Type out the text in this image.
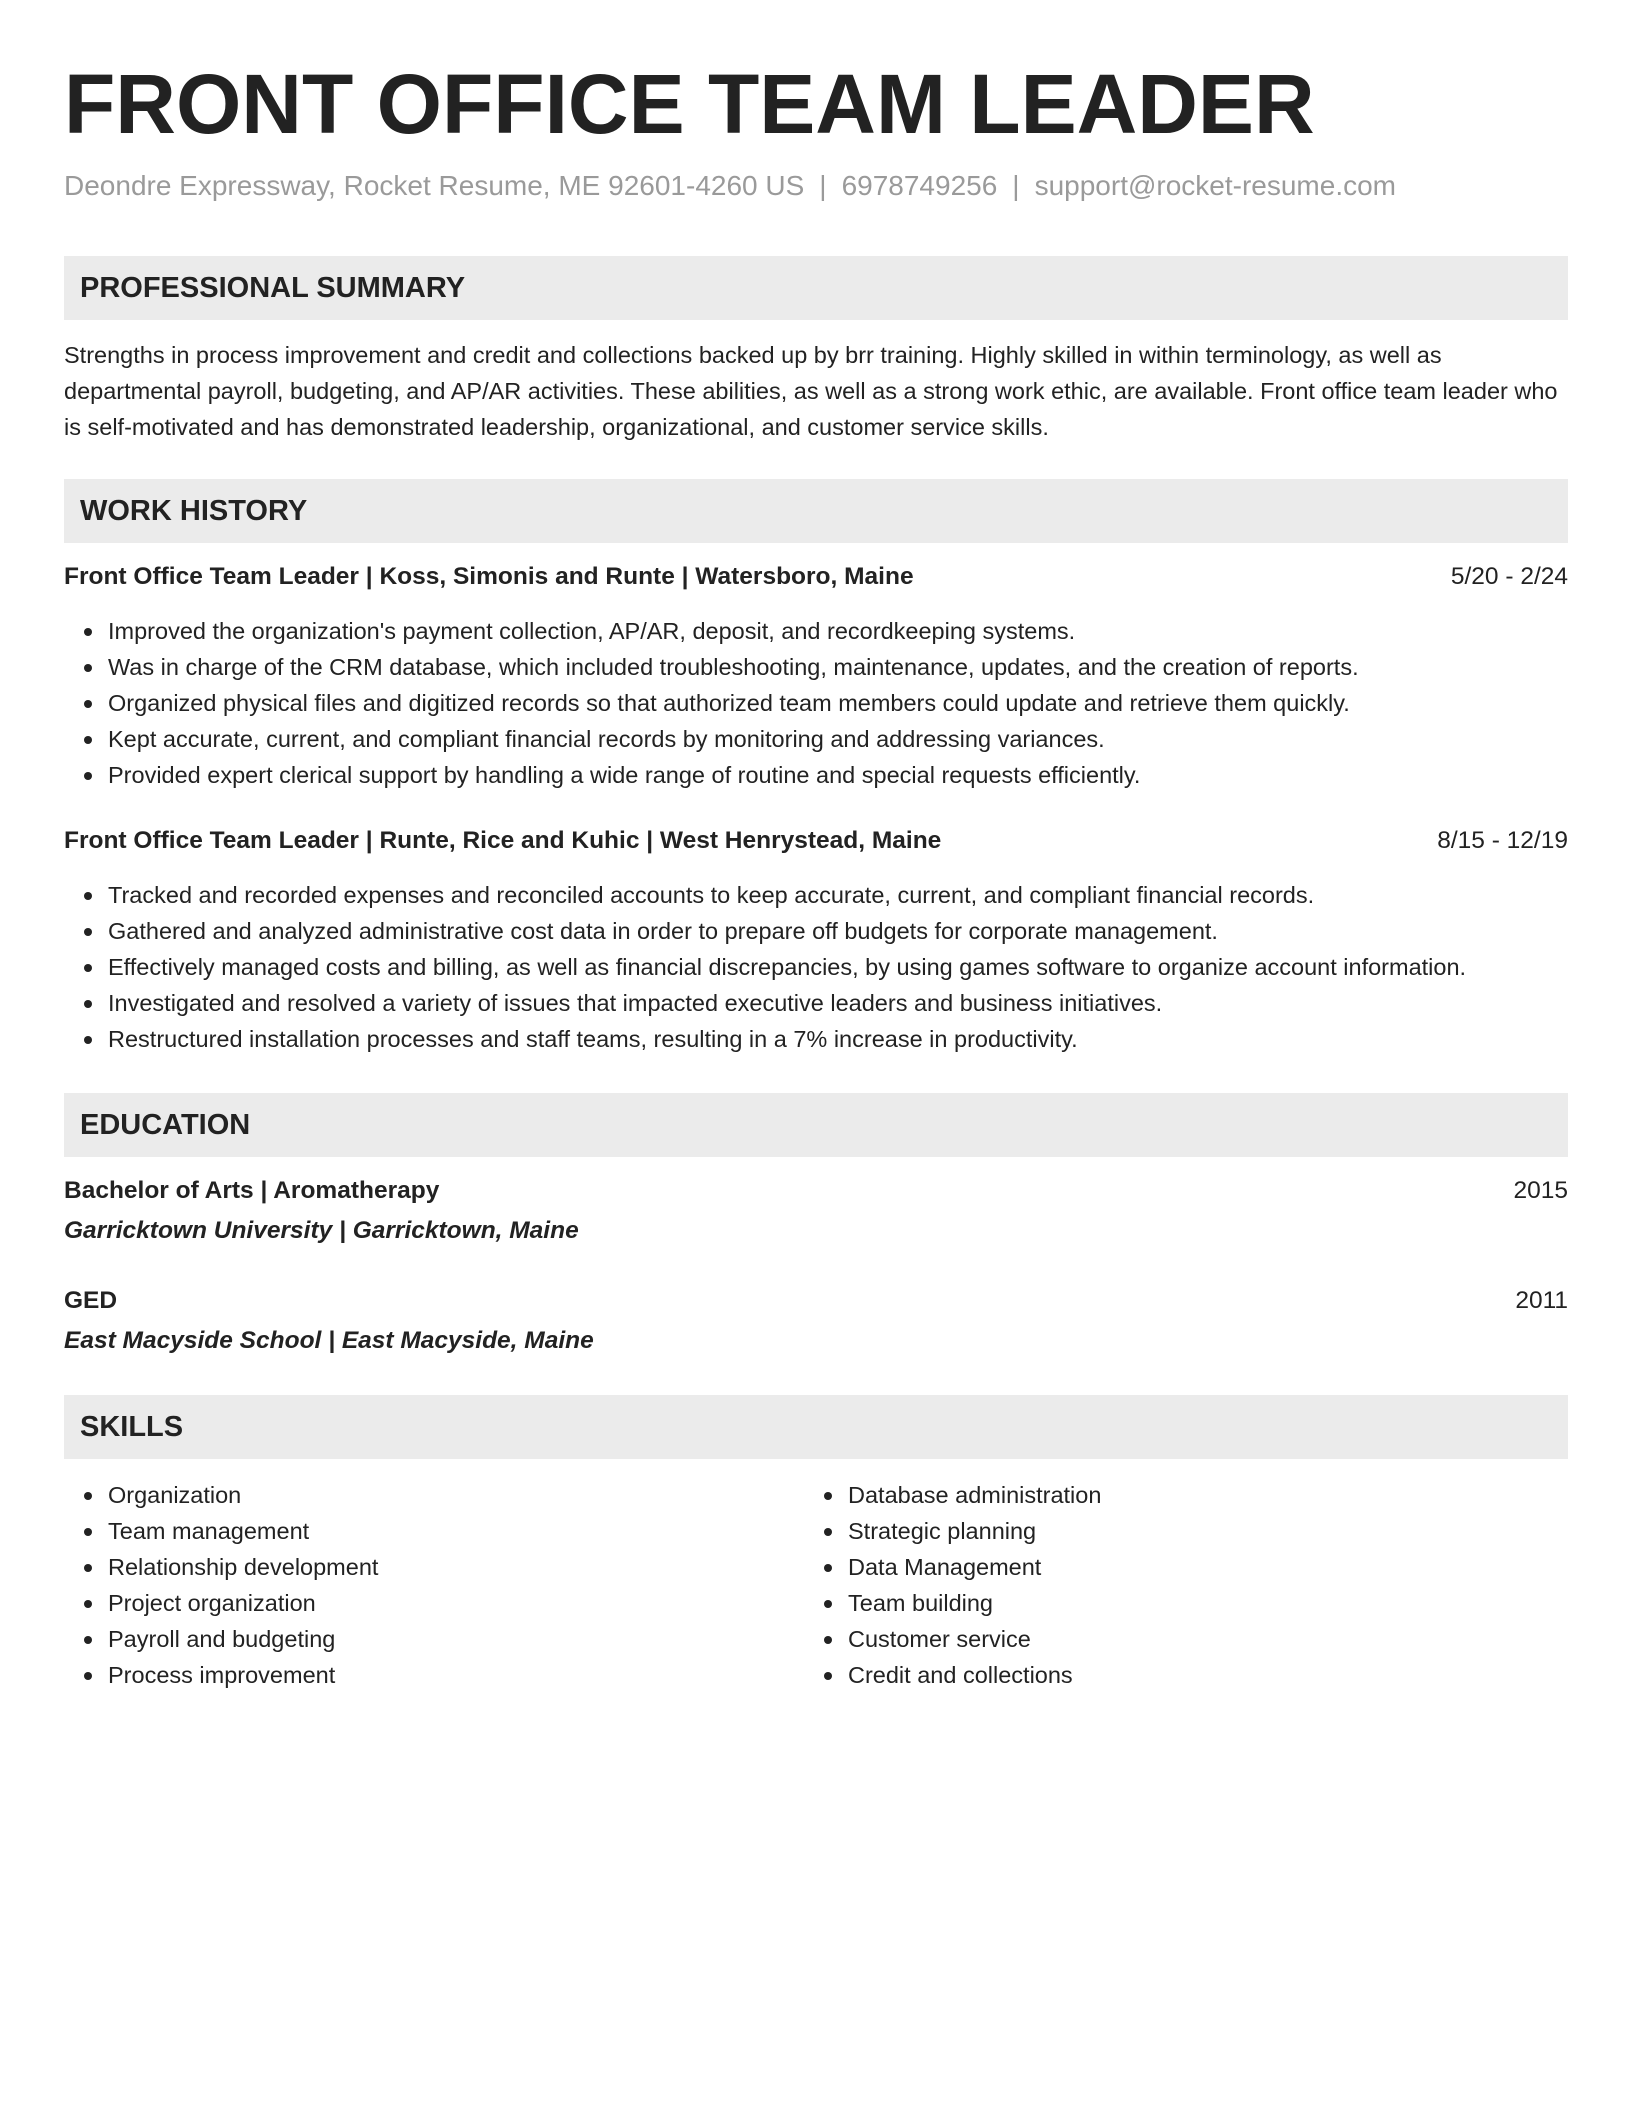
FRONT OFFICE TEAM LEADER
Deondre Expressway, Rocket Resume, ME 92601-4260 US | 6978749256 | support@rocket-resume.com
PROFESSIONAL SUMMARY
Strengths in process improvement and credit and collections backed up by brr training. Highly skilled in within terminology, as well as departmental payroll, budgeting, and AP/AR activities. These abilities, as well as a strong work ethic, are available. Front office team leader who is self-motivated and has demonstrated leadership, organizational, and customer service skills.
WORK HISTORY
Front Office Team Leader | Koss, Simonis and Runte | Watersboro, Maine	5/20 - 2/24
Improved the organization's payment collection, AP/AR, deposit, and recordkeeping systems.
Was in charge of the CRM database, which included troubleshooting, maintenance, updates, and the creation of reports.
Organized physical files and digitized records so that authorized team members could update and retrieve them quickly.
Kept accurate, current, and compliant financial records by monitoring and addressing variances.
Provided expert clerical support by handling a wide range of routine and special requests efficiently.
Front Office Team Leader | Runte, Rice and Kuhic | West Henrystead, Maine	8/15 - 12/19
Tracked and recorded expenses and reconciled accounts to keep accurate, current, and compliant financial records.
Gathered and analyzed administrative cost data in order to prepare off budgets for corporate management.
Effectively managed costs and billing, as well as financial discrepancies, by using games software to organize account information.
Investigated and resolved a variety of issues that impacted executive leaders and business initiatives.
Restructured installation processes and staff teams, resulting in a 7% increase in productivity.
EDUCATION
Bachelor of Arts | Aromatherapy	2015
Garricktown University | Garricktown, Maine
GED	2011
East Macyside School | East Macyside, Maine
SKILLS
Organization
Team management
Relationship development
Project organization
Payroll and budgeting
Process improvement
Database administration
Strategic planning
Data Management
Team building
Customer service
Credit and collections
